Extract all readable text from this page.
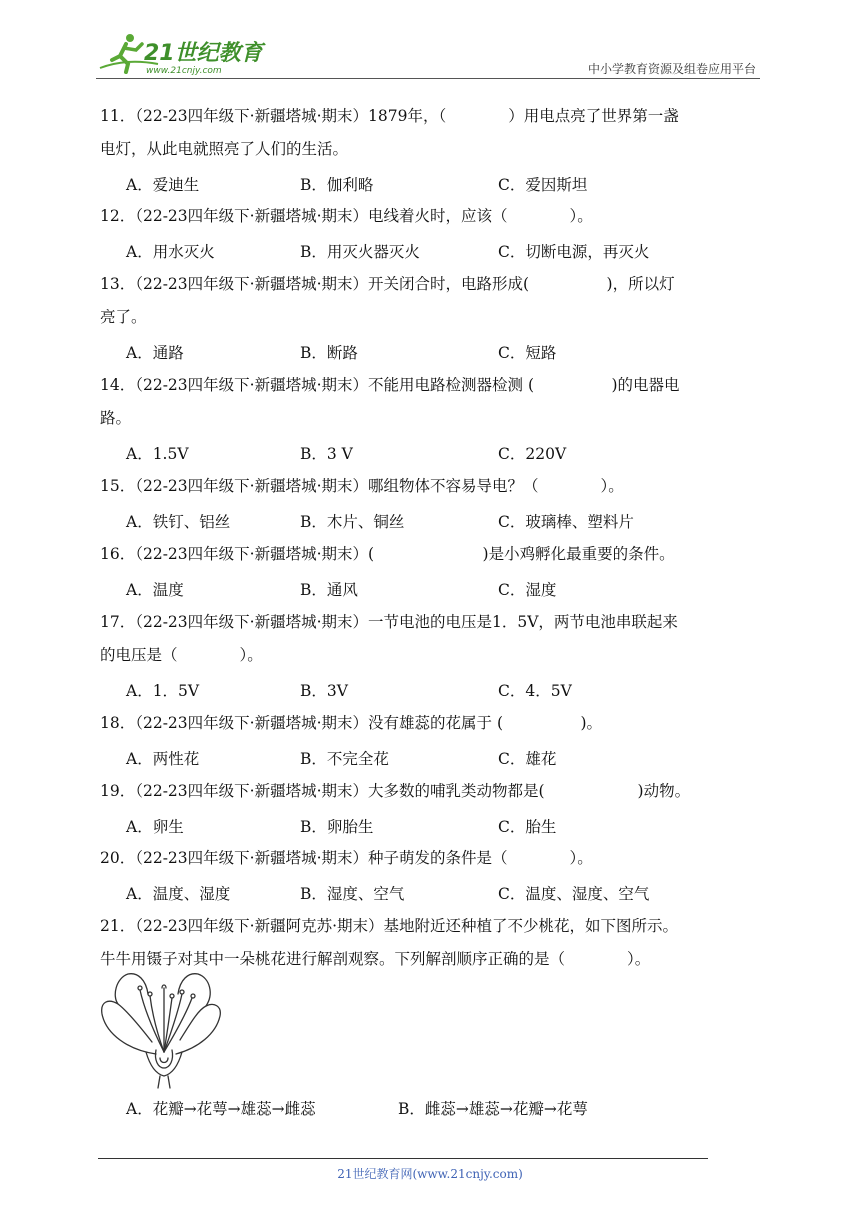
21世纪教育
www.21cnjy.com	中小学教育资源及组卷应用平台
11．（22-23四年级下·新疆塔城·期末）1879年，（　　　　）用电点亮了世界第一盏
电灯，从此电就照亮了人们的生活。
A．爱迪生	B．伽利略	C．爱因斯坦
12．（22-23四年级下·新疆塔城·期末）电线着火时，应该（　　　　）。
A．用水灭火	B．用灭火器灭火	C．切断电源，再灭火
13．（22-23四年级下·新疆塔城·期末）开关闭合时，电路形成(　　　　　)，所以灯
亮了。
A．通路	B．断路	C．短路
14．（22-23四年级下·新疆塔城·期末）不能用电路检测器检测 (　　　　　)的电器电
路。
A．1.5V	B．3 V	C．220V
15．（22-23四年级下·新疆塔城·期末）哪组物体不容易导电？（　　　　）。
A．铁钉、铝丝	B．木片、铜丝	C．玻璃棒、塑料片
16．（22-23四年级下·新疆塔城·期末）(　　　　　　　)是小鸡孵化最重要的条件。
A．温度	B．通风	C．湿度
17．（22-23四年级下·新疆塔城·期末）一节电池的电压是1．5V，两节电池串联起来
的电压是（　　　　）。
A．1．5V	B．3V	C．4．5V
18．（22-23四年级下·新疆塔城·期末）没有雄蕊的花属于 (　　　　　)。
A．两性花	B．不完全花	C．雄花
19．（22-23四年级下·新疆塔城·期末）大多数的哺乳类动物都是(　　　　　　)动物。
A．卵生	B．卵胎生	C．胎生
20．（22-23四年级下·新疆塔城·期末）种子萌发的条件是（　　　　）。
A．温度、湿度	B．湿度、空气	C．温度、湿度、空气
21．（22-23四年级下·新疆阿克苏·期末）基地附近还种植了不少桃花，如下图所示。
牛牛用镊子对其中一朵桃花进行解剖观察。下列解剖顺序正确的是（　　　　）。
A．花瓣→花萼→雄蕊→雌蕊	B．雌蕊→雄蕊→花瓣→花萼
21世纪教育网(www.21cnjy.com)
